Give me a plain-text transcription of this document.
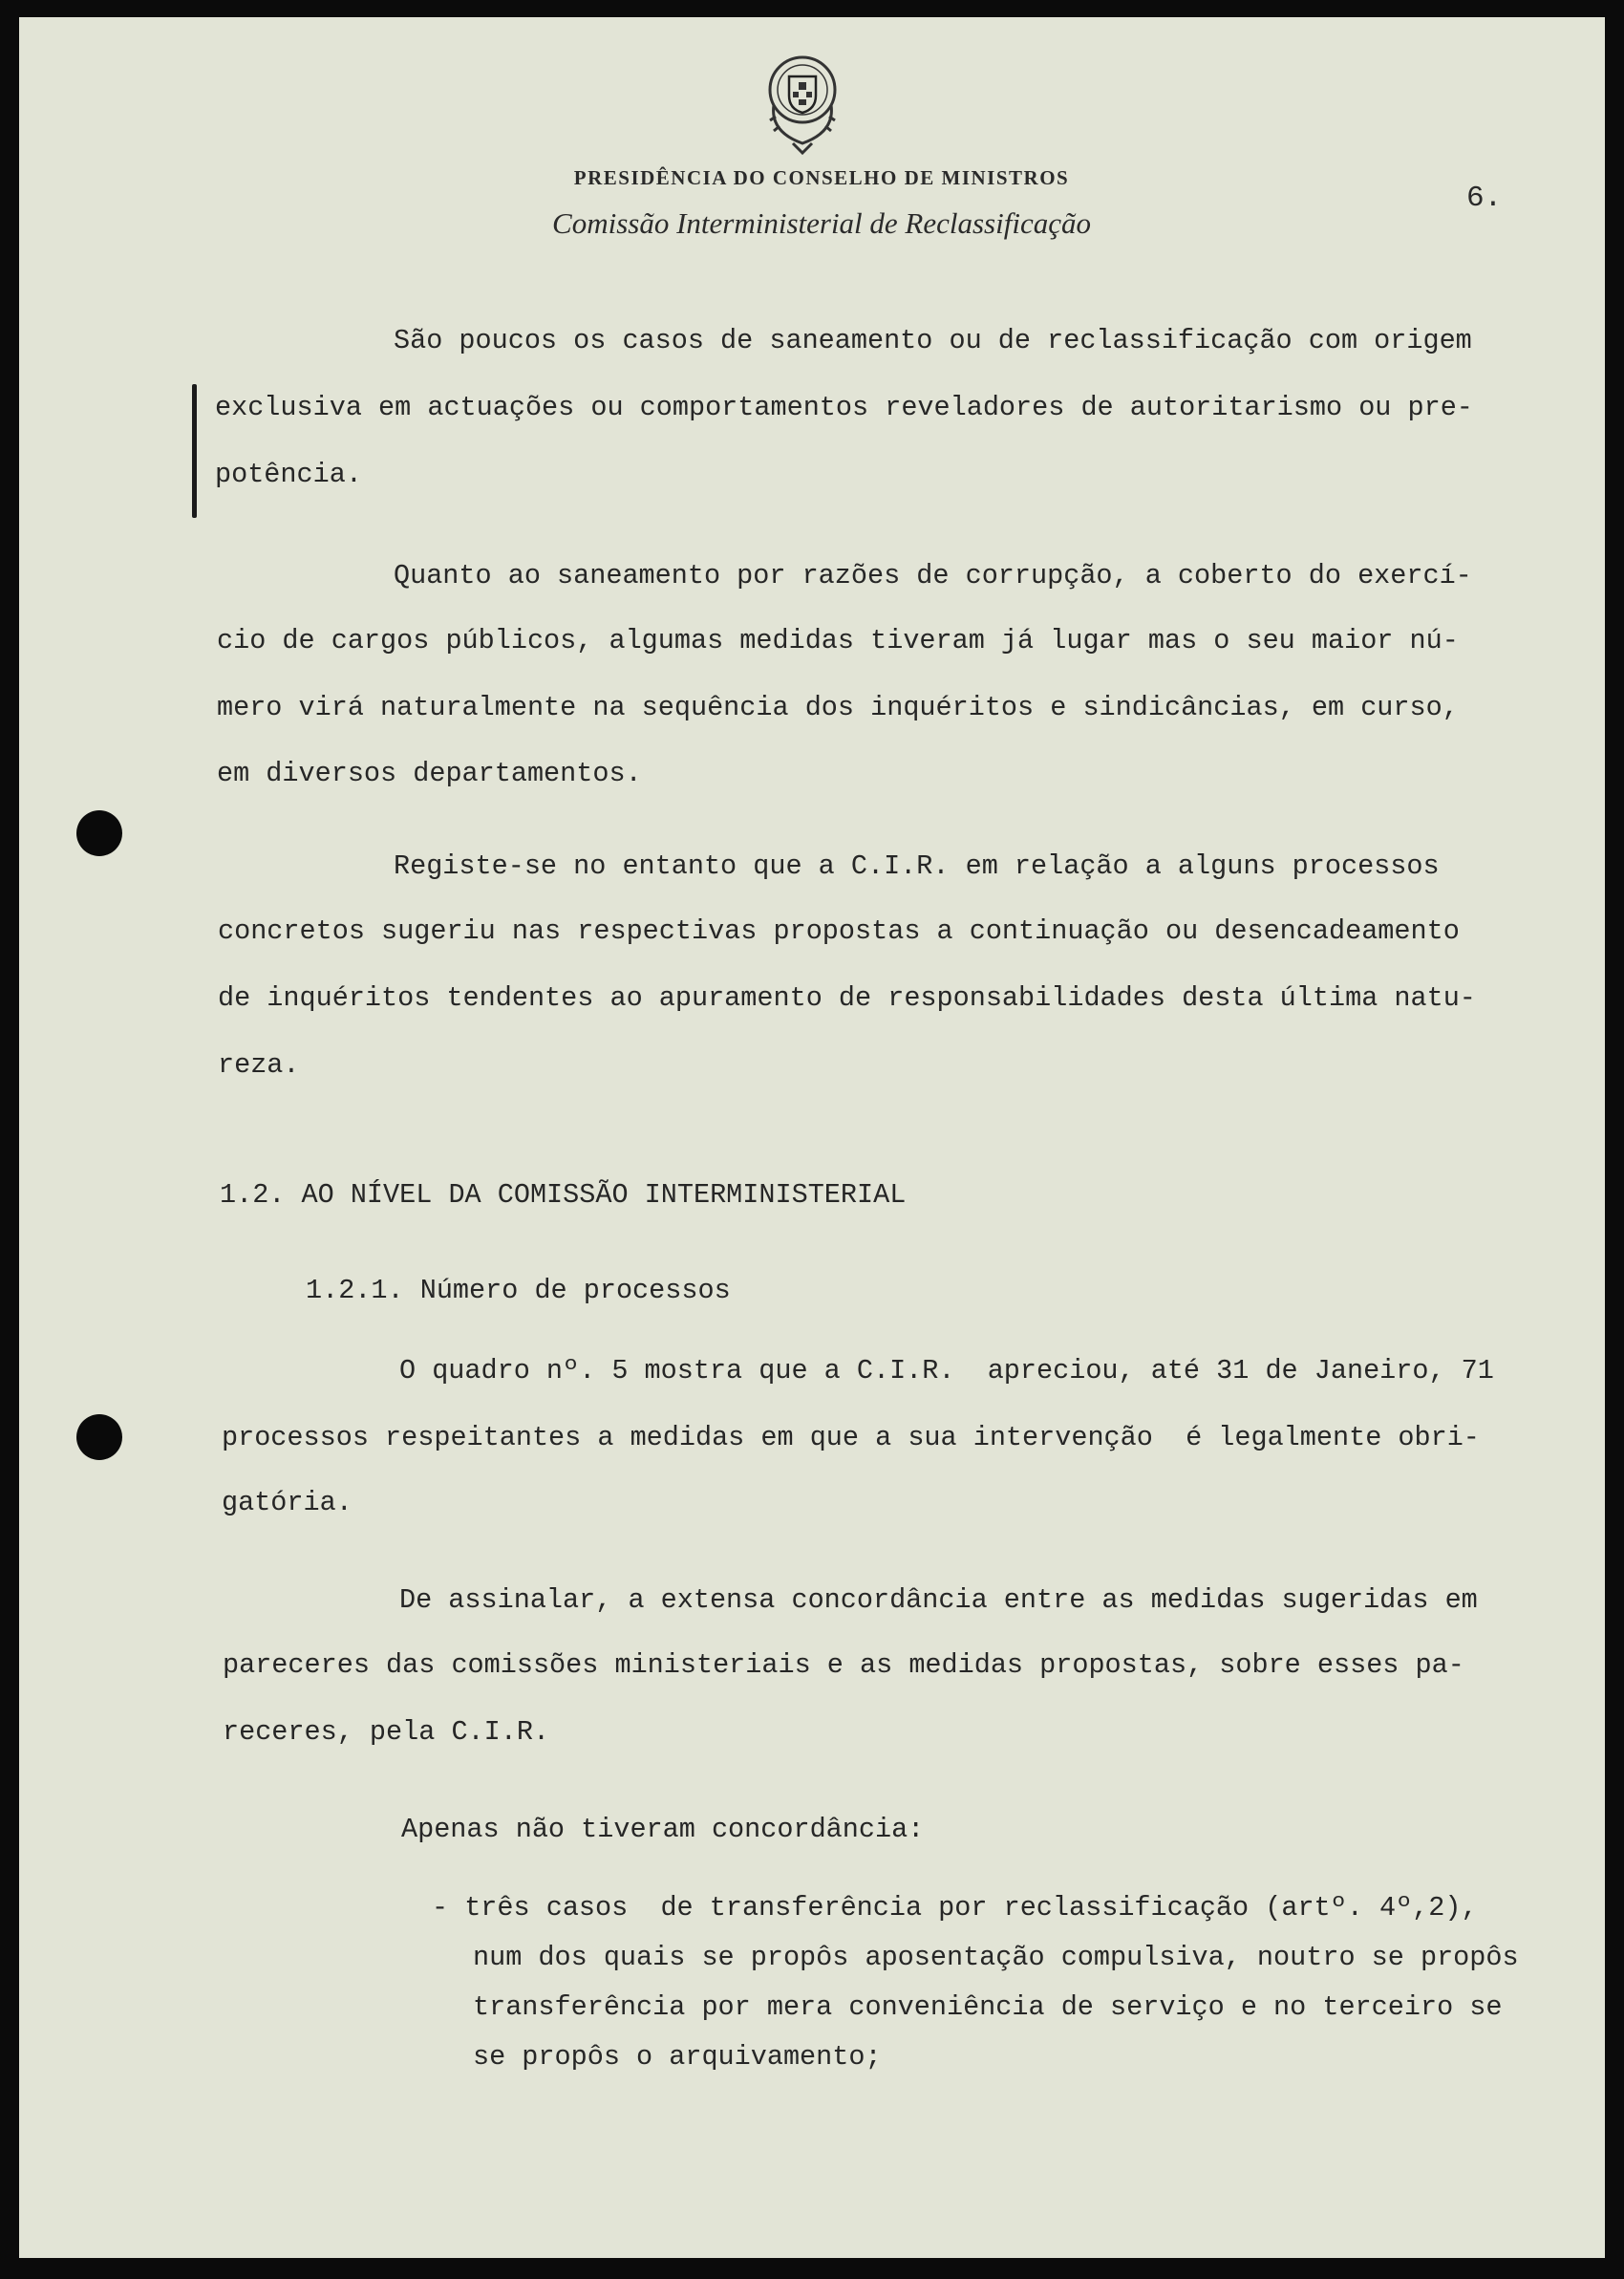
PRESIDÊNCIA DO CONSELHO DE MINISTROS
Comissão Interministerial de Reclassificação
6.
São poucos os casos de saneamento ou de reclassificação com origem
exclusiva em actuações ou comportamentos reveladores de autoritarismo ou pre-
potência.
Quanto ao saneamento por razões de corrupção, a coberto do exercí-
cio de cargos públicos, algumas medidas tiveram já lugar mas o seu maior nú-
mero virá naturalmente na sequência dos inquéritos e sindicâncias, em curso,
em diversos departamentos.
Registe-se no entanto que a C.I.R. em relação a alguns processos
concretos sugeriu nas respectivas propostas a continuação ou desencadeamento
de inquéritos tendentes ao apuramento de responsabilidades desta última natu-
reza.
1.2. AO NÍVEL DA COMISSÃO INTERMINISTERIAL
1.2.1. Número de processos
O quadro nº. 5 mostra que a C.I.R.  apreciou, até 31 de Janeiro, 71
processos respeitantes a medidas em que a sua intervenção  é legalmente obri-
gatória.
De assinalar, a extensa concordância entre as medidas sugeridas em
pareceres das comissões ministeriais e as medidas propostas, sobre esses pa-
receres, pela C.I.R.
Apenas não tiveram concordância:
- três casos  de transferência por reclassificação (artº. 4º,2),
num dos quais se propôs aposentação compulsiva, noutro se propôs
transferência por mera conveniência de serviço e no terceiro se
se propôs o arquivamento;
